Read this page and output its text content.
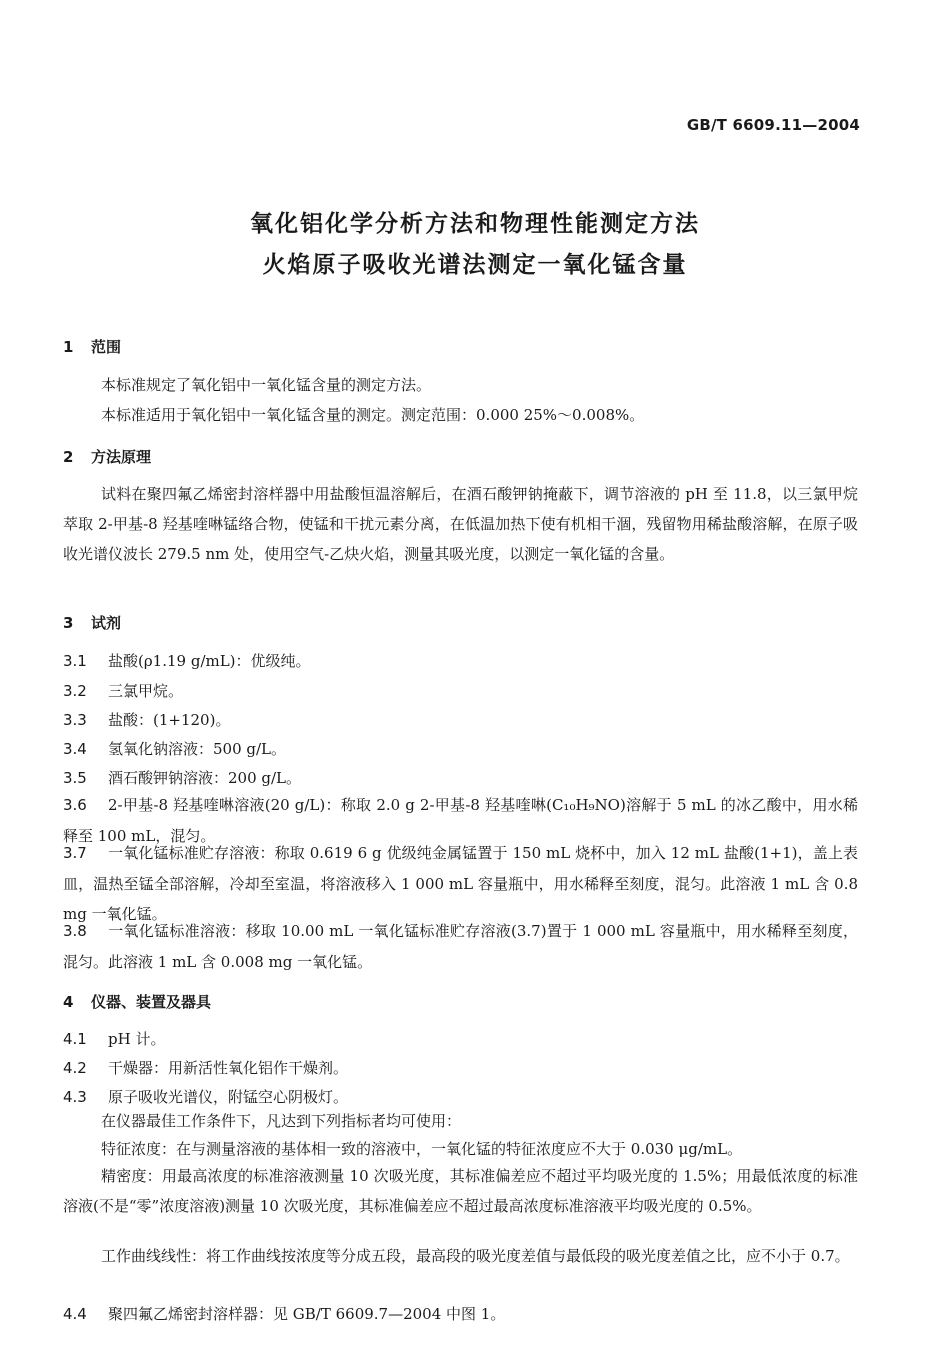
GB/T 6609.11—2004
氧化铝化学分析方法和物理性能测定方法
火焰原子吸收光谱法测定一氧化锰含量
1 范围
本标准规定了氧化铝中一氧化锰含量的测定方法。
本标准适用于氧化铝中一氧化锰含量的测定。测定范围：0.000 25%～0.008%。
2 方法原理
试料在聚四氟乙烯密封溶样器中用盐酸恒温溶解后，在酒石酸钾钠掩蔽下，调节溶液的 pH 至 11.8，以三氯甲烷萃取 2-甲基-8 羟基喹啉锰络合物，使锰和干扰元素分离，在低温加热下使有机相干涸，残留物用稀盐酸溶解，在原子吸收光谱仪波长 279.5 nm 处，使用空气-乙炔火焰，测量其吸光度，以测定一氧化锰的含量。
3 试剂
3.1 盐酸(ρ1.19 g/mL)：优级纯。
3.2 三氯甲烷。
3.3 盐酸：(1+120)。
3.4 氢氧化钠溶液：500 g/L。
3.5 酒石酸钾钠溶液：200 g/L。
3.6 2-甲基-8 羟基喹啉溶液(20 g/L)：称取 2.0 g 2-甲基-8 羟基喹啉(C₁₀H₉NO)溶解于 5 mL 的冰乙酸中，用水稀释至 100 mL，混匀。
3.7 一氧化锰标准贮存溶液：称取 0.619 6 g 优级纯金属锰置于 150 mL 烧杯中，加入 12 mL 盐酸(1+1)，盖上表皿，温热至锰全部溶解，冷却至室温，将溶液移入 1 000 mL 容量瓶中，用水稀释至刻度，混匀。此溶液 1 mL 含 0.8 mg 一氧化锰。
3.8 一氧化锰标准溶液：移取 10.00 mL 一氧化锰标准贮存溶液(3.7)置于 1 000 mL 容量瓶中，用水稀释至刻度，混匀。此溶液 1 mL 含 0.008 mg 一氧化锰。
4 仪器、装置及器具
4.1 pH 计。
4.2 干燥器：用新活性氧化铝作干燥剂。
4.3 原子吸收光谱仪，附锰空心阴极灯。
在仪器最佳工作条件下，凡达到下列指标者均可使用：
特征浓度：在与测量溶液的基体相一致的溶液中，一氧化锰的特征浓度应不大于 0.030 μg/mL。
精密度：用最高浓度的标准溶液测量 10 次吸光度，其标准偏差应不超过平均吸光度的 1.5%；用最低浓度的标准溶液(不是“零”浓度溶液)测量 10 次吸光度，其标准偏差应不超过最高浓度标准溶液平均吸光度的 0.5%。
工作曲线线性：将工作曲线按浓度等分成五段，最高段的吸光度差值与最低段的吸光度差值之比，应不小于 0.7。
4.4 聚四氟乙烯密封溶样器：见 GB/T 6609.7—2004 中图 1。
